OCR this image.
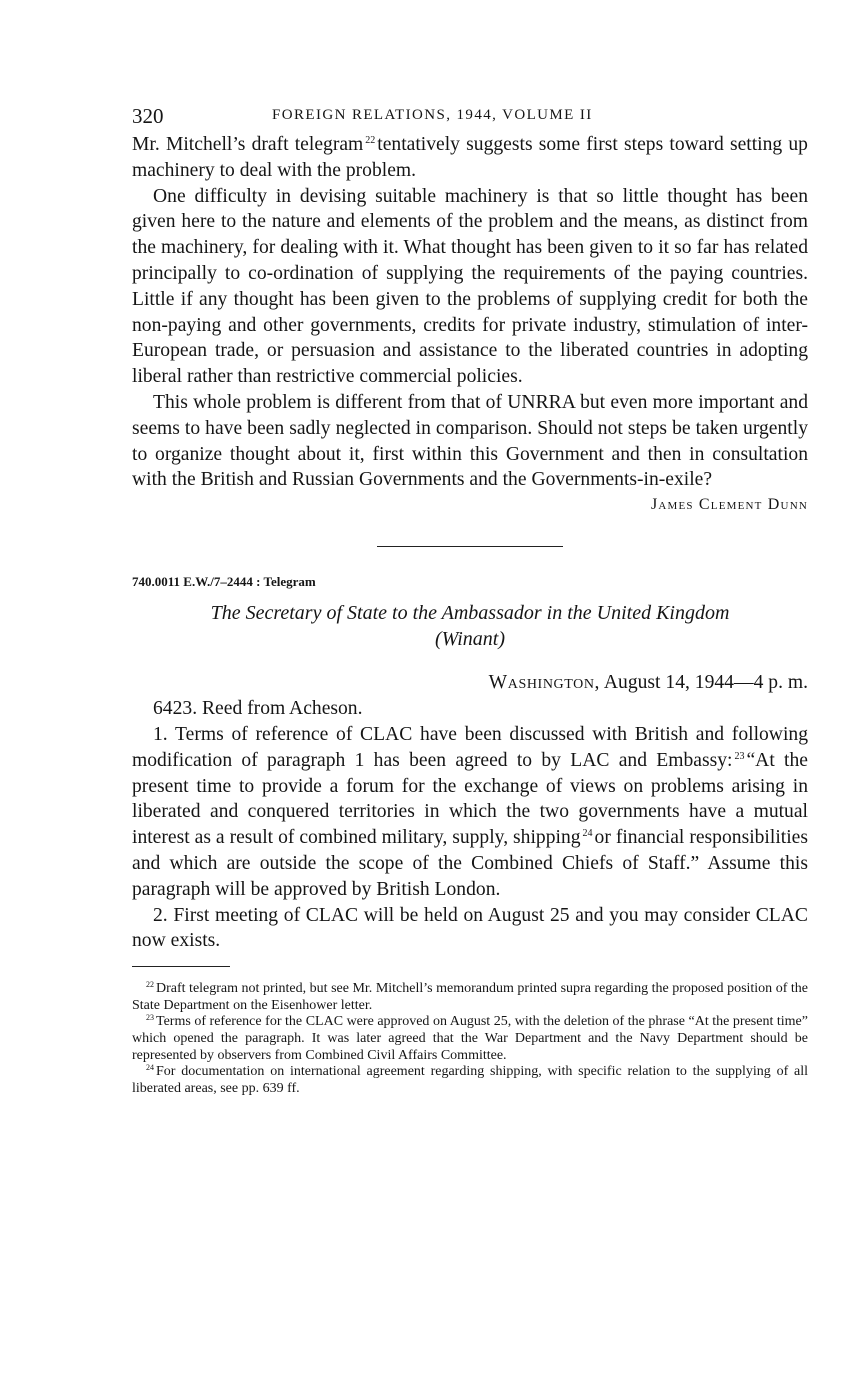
320	FOREIGN RELATIONS, 1944, VOLUME II

Mr. Mitchell’s draft telegram $^{22}$ tentatively suggests some first steps toward setting up machinery to deal with the problem.

One difficulty in devising suitable machinery is that so little thought has been given here to the nature and elements of the problem and the means, as distinct from the machinery, for dealing with it. What thought has been given to it so far has related principally to co-ordination of supplying the requirements of the paying countries. Little if any thought has been given to the problems of supplying credit for both the non-paying and other governments, credits for private industry, stimulation of inter-European trade, or persuasion and assistance to the liberated countries in adopting liberal rather than restrictive commercial policies.

This whole problem is different from that of UNRRA but even more important and seems to have been sadly neglected in comparison. Should not steps be taken urgently to organize thought about it, first within this Government and then in consultation with the British and Russian Governments and the Governments-in-exile?

James Clement Dunn

740.0011 E.W./7–2444 : Telegram

The Secretary of State to the Ambassador in the United Kingdom
(Winant)

Washington, August 14, 1944—4 p. m.

6423. Reed from Acheson.

1. Terms of reference of CLAC have been discussed with British and following modification of paragraph 1 has been agreed to by LAC and Embassy: $^{23}$ “At the present time to provide a forum for the exchange of views on problems arising in liberated and conquered territories in which the two governments have a mutual interest as a result of combined military, supply, shipping $^{24}$ or financial responsibilities and which are outside the scope of the Combined Chiefs of Staff.” Assume this paragraph will be approved by British London.

2. First meeting of CLAC will be held on August 25 and you may consider CLAC now exists.

$^{22}$ Draft telegram not printed, but see Mr. Mitchell’s memorandum printed supra regarding the proposed position of the State Department on the Eisenhower letter.

$^{23}$ Terms of reference for the CLAC were approved on August 25, with the deletion of the phrase “At the present time” which opened the paragraph. It was later agreed that the War Department and the Navy Department should be represented by observers from Combined Civil Affairs Committee.

$^{24}$ For documentation on international agreement regarding shipping, with specific relation to the supplying of all liberated areas, see pp. 639 ff.
